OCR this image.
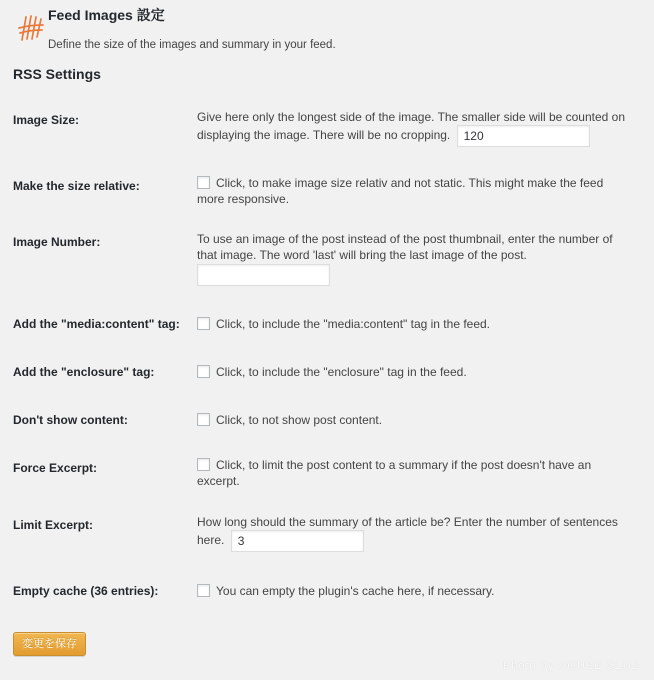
Feed Images 設定

Define the size of the images and summary in your feed.

RSS Settings
Image Size:	Give here only the longest side of the image. The smaller side will be counted on displaying the image. There will be no cropping. 120
Make the size relative:	Click, to make image size relativ and not static. This might make the feed more responsive.
Image Number:	To use an image of the post instead of the post thumbnail, enter the number of that image. The word 'last' will bring the last image of the post.
Add the "media:content" tag:	Click, to include the "media:content" tag in the feed.
Add the "enclosure" tag:	Click, to include the "enclosure" tag in the feed.
Don't show content:	Click, to not show post content.
Force Excerpt:	Click, to limit the post content to a summary if the post doesn't have an excerpt.
Limit Excerpt:	How long should the summary of the article be? Enter the number of sentences here. 3
Empty cache (36 entries):	You can empty the plugin's cache here, if necessary.
変更を保存
Photo by HOUSE CLUB
